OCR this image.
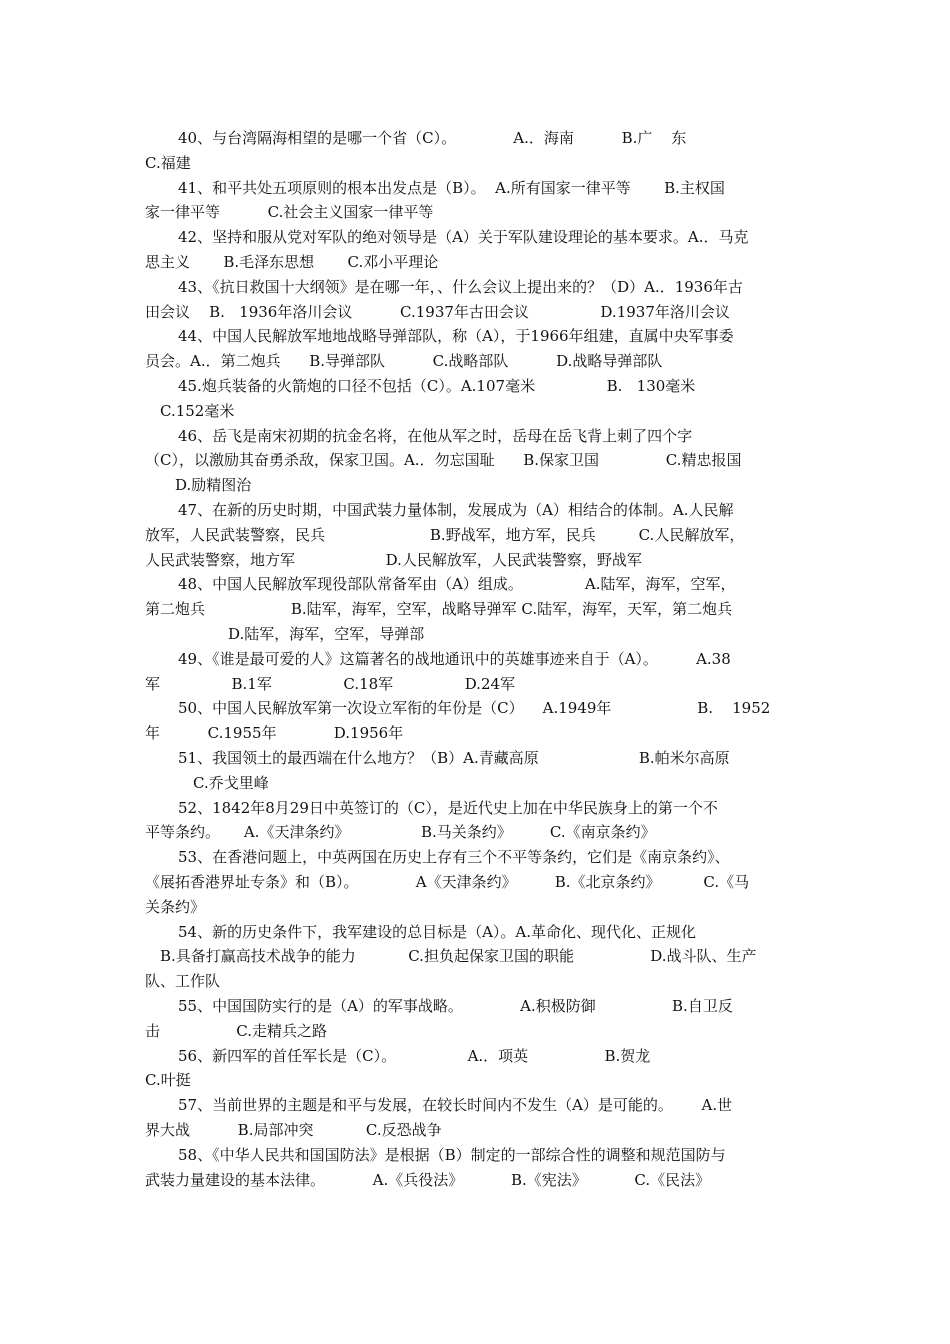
40、与台湾隔海相望的是哪一个省（C）。            A.．海南          B.广    东
C.福建
41、和平共处五项原则的根本出发点是（B）。  A.所有国家一律平等       B.主权国
家一律平等          C.社会主义国家一律平等
42、坚持和服从党对军队的绝对领导是（A）关于军队建设理论的基本要求。A.．马克
思主义       B.毛泽东思想       C.邓小平理论
43、《抗日救国十大纲领》是在哪一年，、什么会议上提出来的？（D）A.．1936年古
田会议    B.   1936年洛川会议          C.1937年古田会议               D.1937年洛川会议
44、中国人民解放军地地战略导弹部队，称（A），于1966年组建，直属中央军事委
员会。A.．第二炮兵      B.导弹部队          C.战略部队          D.战略导弹部队
45.炮兵装备的火箭炮的口径不包括（C）。A.107毫米               B.   130毫米
C.152毫米
46、岳飞是南宋初期的抗金名将，在他从军之时，岳母在岳飞背上刺了四个字
（C），以激励其奋勇杀敌，保家卫国。A.．勿忘国耻      B.保家卫国              C.精忠报国
D.励精图治
47、在新的历史时期，中国武装力量体制，发展成为（A）相结合的体制。A.人民解
放军，人民武装警察，民兵                      B.野战军，地方军，民兵         C.人民解放军，
人民武装警察，地方军                   D.人民解放军，人民武装警察，野战军
48、中国人民解放军现役部队常备军由（A）组成。             A.陆军，海军，空军，
第二炮兵                  B.陆军，海军，空军，战略导弹军 C.陆军，海军，天军，第二炮兵
D.陆军，海军，空军，导弹部
49、《谁是最可爱的人》这篇著名的战地通讯中的英雄事迹来自于（A）。        A.38
军               B.1军               C.18军               D.24军
50、中国人民解放军第一次设立军衔的年份是（C）    A.1949年                  B.    1952
年          C.1955年            D.1956年
51、我国领土的最西端在什么地方？（B）A.青藏高原                     B.帕米尔高原
C.乔戈里峰
52、1842年8月29日中英签订的（C），是近代史上加在中华民族身上的第一个不
平等条约。     A.《天津条约》               B.马关条约》        C.《南京条约》
53、在香港问题上，中英两国在历史上存有三个不平等条约，它们是《南京条约》、
《展拓香港界址专条》和（B）。            A《天津条约》        B.《北京条约》         C.《马
关条约》
54、新的历史条件下，我军建设的总目标是（A）。A.革命化、现代化、正规化
B.具备打赢高技术战争的能力           C.担负起保家卫国的职能                D.战斗队、生产
队、工作队
55、中国国防实行的是（A）的军事战略。            A.积极防御                B.自卫反
击                C.走精兵之路
56、新四军的首任军长是（C）。               A.．项英                B.贺龙
C.叶挺
57、当前世界的主题是和平与发展，在较长时间内不发生（A）是可能的。      A.世
界大战          B.局部冲突           C.反恐战争
58、《中华人民共和国国防法》是根据（B）制定的一部综合性的调整和规范国防与
武装力量建设的基本法律。          A.《兵役法》          B.《宪法》          C.《民法》
